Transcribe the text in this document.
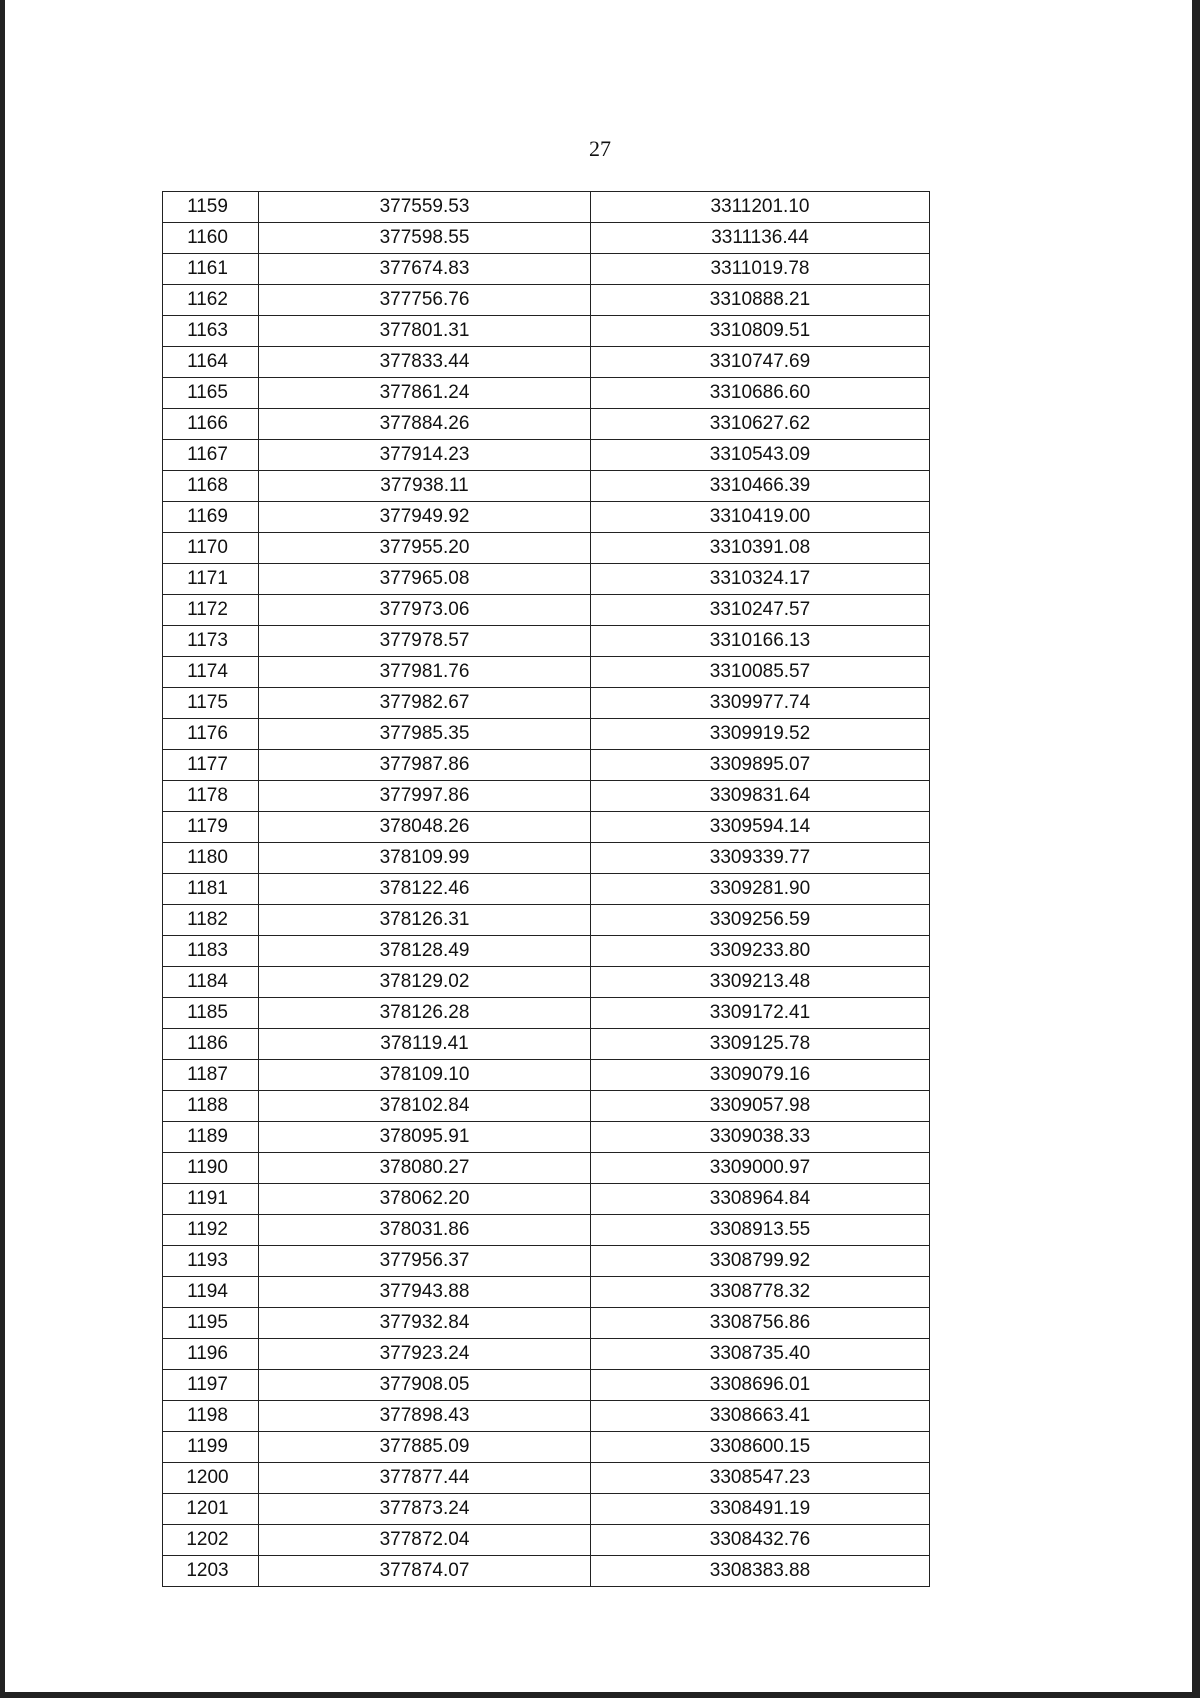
27
1159	377559.53	3311201.10
1160	377598.55	3311136.44
1161	377674.83	3311019.78
1162	377756.76	3310888.21
1163	377801.31	3310809.51
1164	377833.44	3310747.69
1165	377861.24	3310686.60
1166	377884.26	3310627.62
1167	377914.23	3310543.09
1168	377938.11	3310466.39
1169	377949.92	3310419.00
1170	377955.20	3310391.08
1171	377965.08	3310324.17
1172	377973.06	3310247.57
1173	377978.57	3310166.13
1174	377981.76	3310085.57
1175	377982.67	3309977.74
1176	377985.35	3309919.52
1177	377987.86	3309895.07
1178	377997.86	3309831.64
1179	378048.26	3309594.14
1180	378109.99	3309339.77
1181	378122.46	3309281.90
1182	378126.31	3309256.59
1183	378128.49	3309233.80
1184	378129.02	3309213.48
1185	378126.28	3309172.41
1186	378119.41	3309125.78
1187	378109.10	3309079.16
1188	378102.84	3309057.98
1189	378095.91	3309038.33
1190	378080.27	3309000.97
1191	378062.20	3308964.84
1192	378031.86	3308913.55
1193	377956.37	3308799.92
1194	377943.88	3308778.32
1195	377932.84	3308756.86
1196	377923.24	3308735.40
1197	377908.05	3308696.01
1198	377898.43	3308663.41
1199	377885.09	3308600.15
1200	377877.44	3308547.23
1201	377873.24	3308491.19
1202	377872.04	3308432.76
1203	377874.07	3308383.88
